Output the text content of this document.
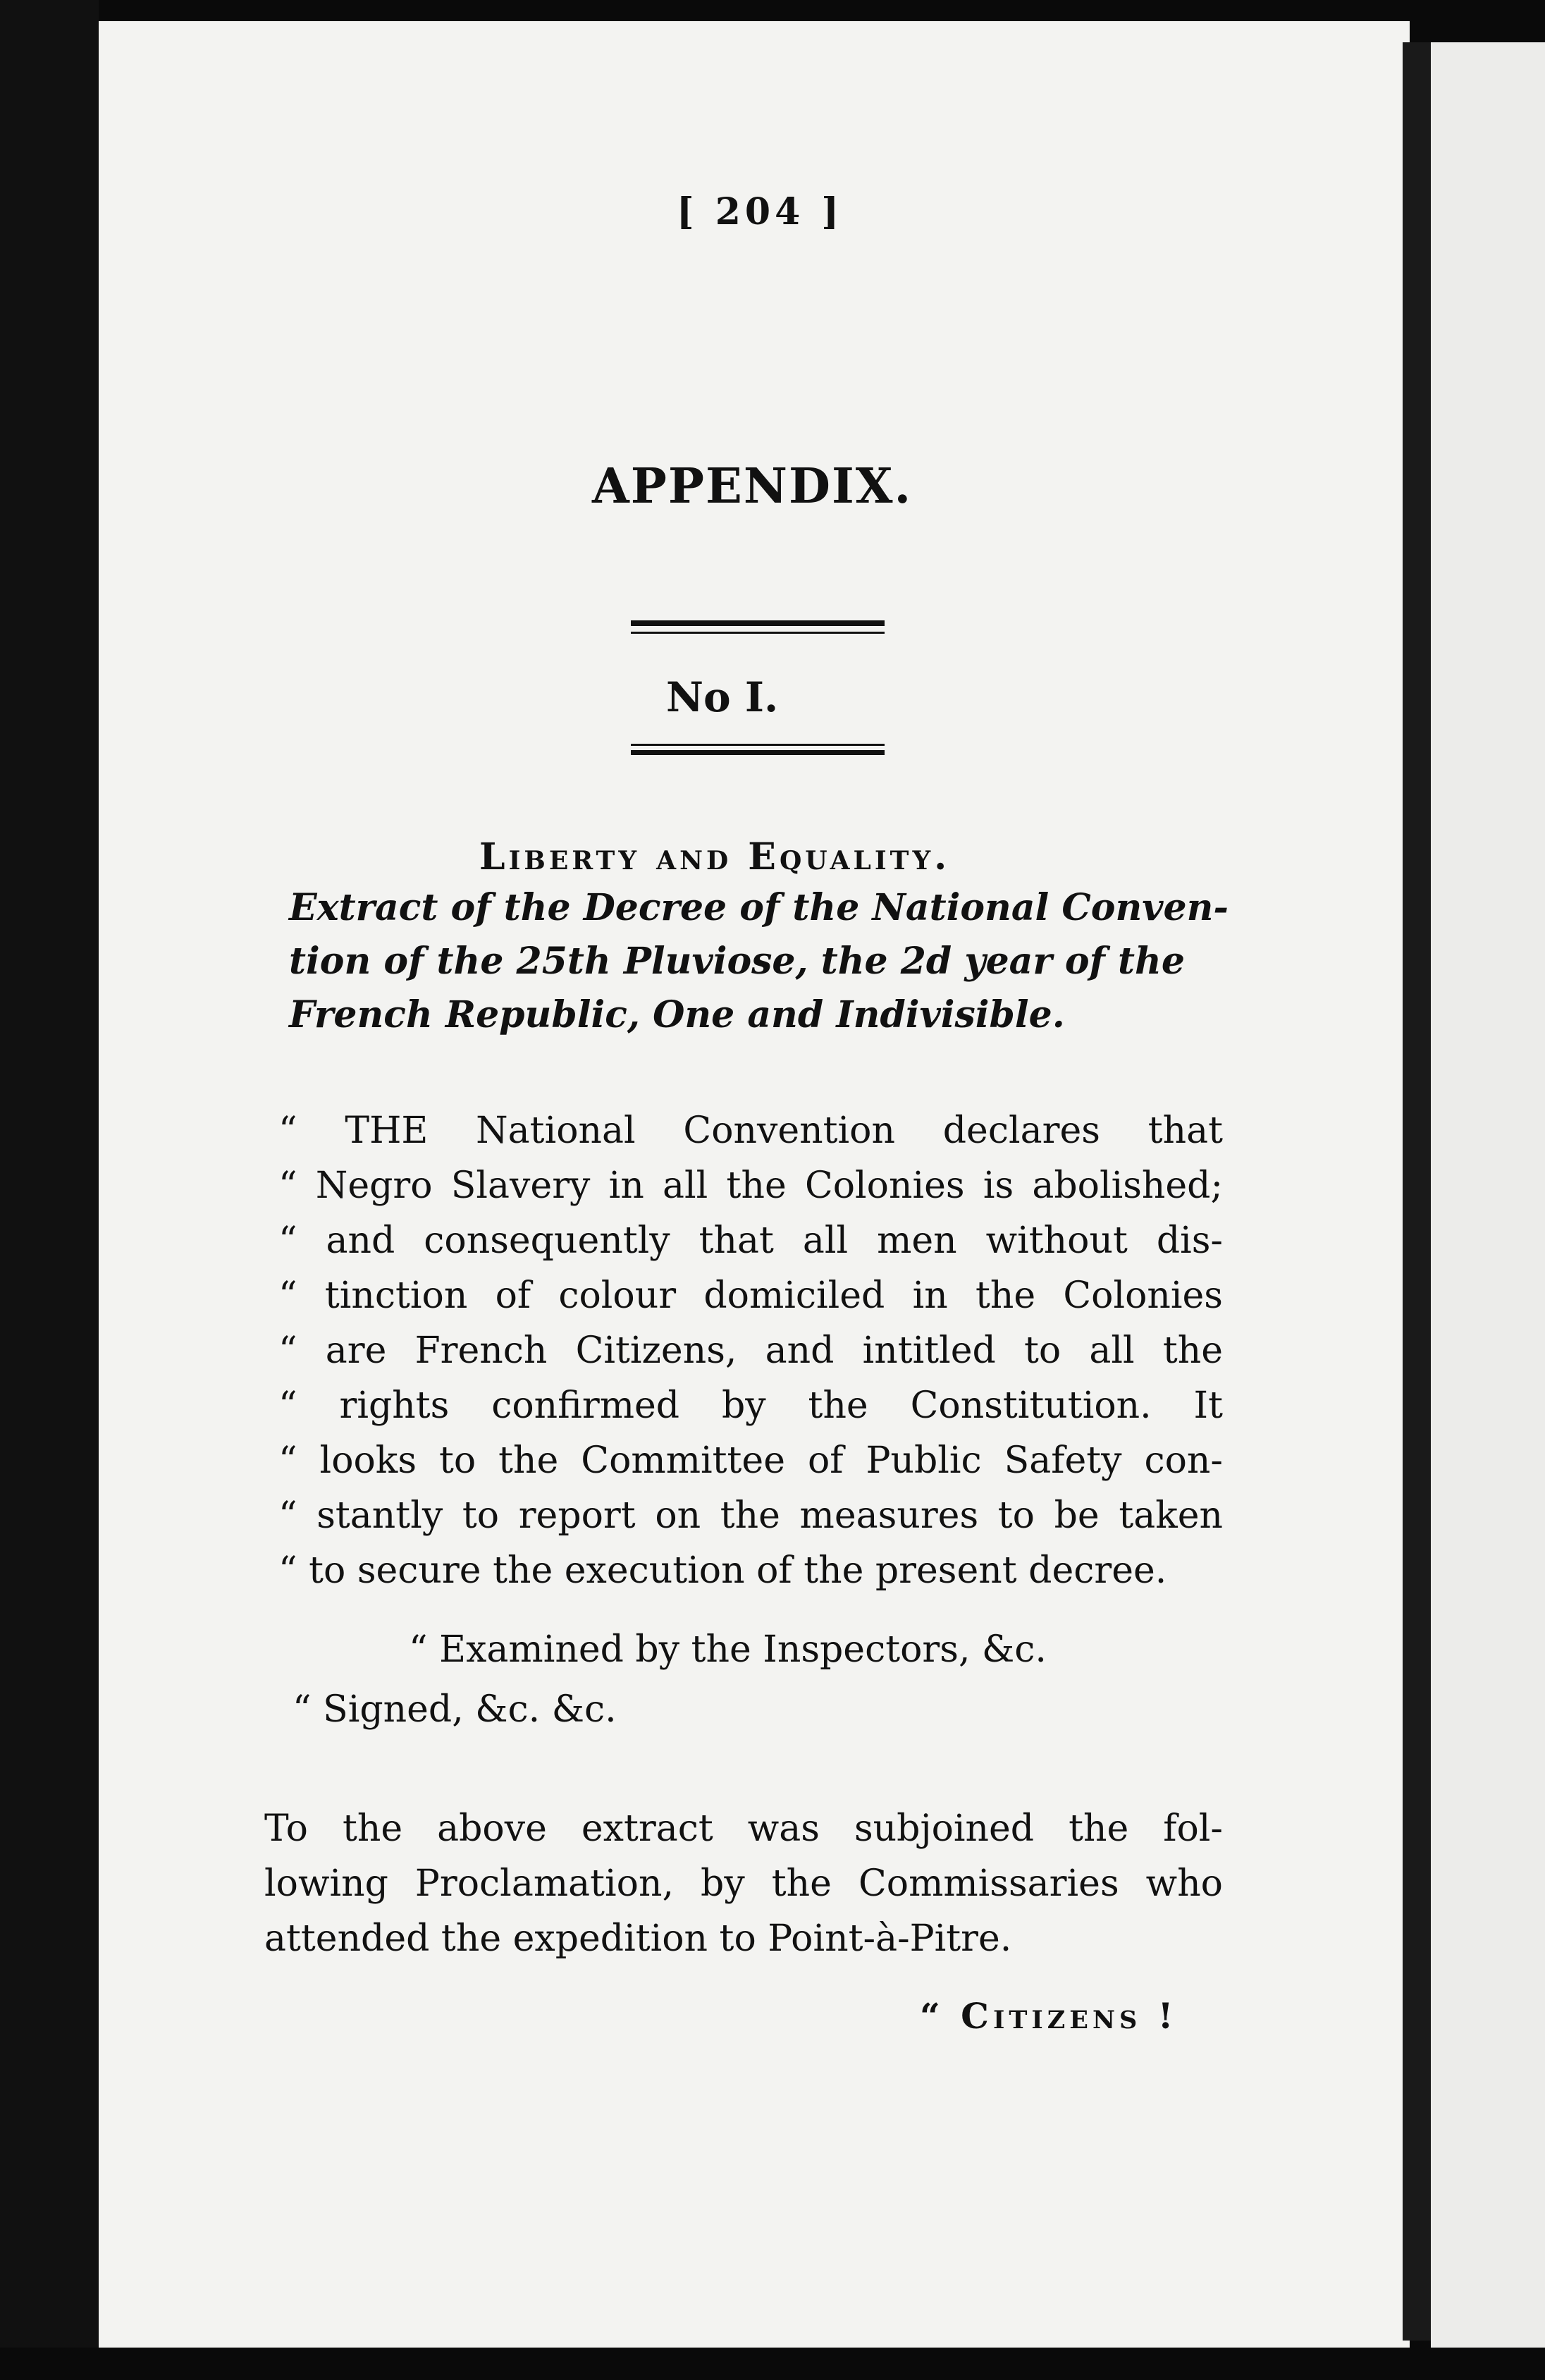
[ 204 ]
APPENDIX.
No I.
Liberty and Equality.
Extract of the Decree of the National Conven-
tion of the 25th Pluviose, the 2d year of the
French Republic, One and Indivisible.
“ THE National Convention declares that
“ Negro Slavery in all the Colonies is abolished;
“ and consequently that all men without dis-
“ tinction of colour domiciled in the Colonies
“ are French Citizens, and intitled to all the
“ rights confirmed by the Constitution. It
“ looks to the Committee of Public Safety con-
“ stantly to report on the measures to be taken
“ to secure the execution of the present decree.
“ Examined by the Inspectors, &c.
“ Signed, &c. &c.
To the above extract was subjoined the fol-
lowing Proclamation, by the Commissaries who
attended the expedition to Point-à-Pitre.
“ Citizens !
